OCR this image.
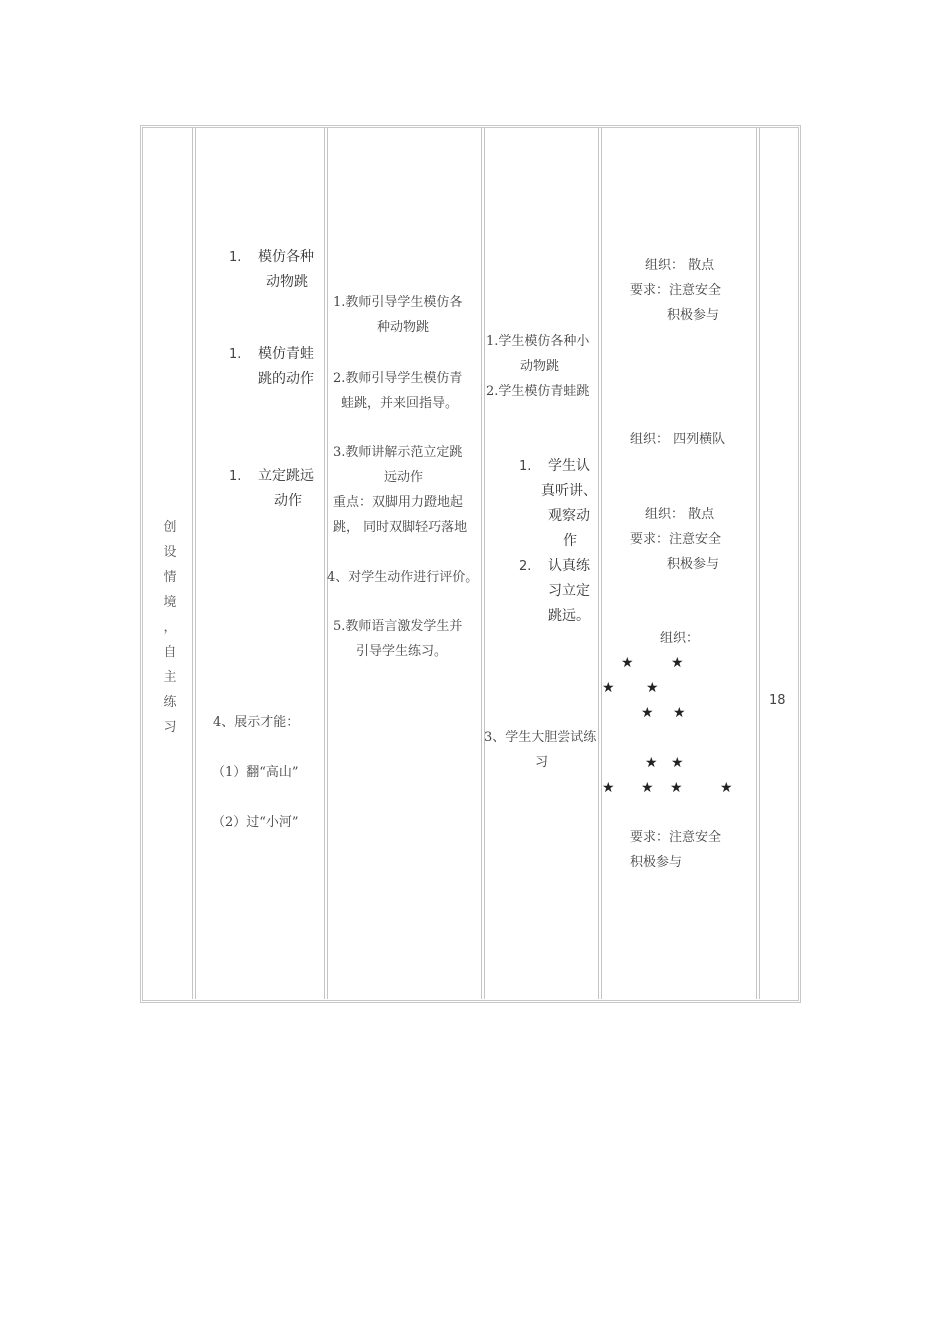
创
设
情
境
，
自
主
练
习
1. 模仿各种
动物跳
1. 模仿青蛙
跳的动作
1. 立定跳远
动作
4、展示才能：
（1）翻“高山”
（2）过“小河”
1.教师引导学生模仿各
种动物跳
2.教师引导学生模仿青
蛙跳，并来回指导。
3.教师讲解示范立定跳
远动作
重点：双脚用力蹬地起
跳， 同时双脚轻巧落地
4、对学生动作进行评价。
5.教师语言激发学生并
引导学生练习。
1.学生模仿各种小
动物跳
2.学生模仿青蛙跳
1. 学生认
真听讲、
观察动
作
2. 认真练
习立定
跳远。
3、学生大胆尝试练
习
组织： 散点
要求：注意安全
积极参与
组织： 四列横队
组织： 散点
要求：注意安全
积极参与
组织：
★	★
★ ★
★ ★
★ ★
★ ★ ★	★
要求：注意安全
积极参与
18
